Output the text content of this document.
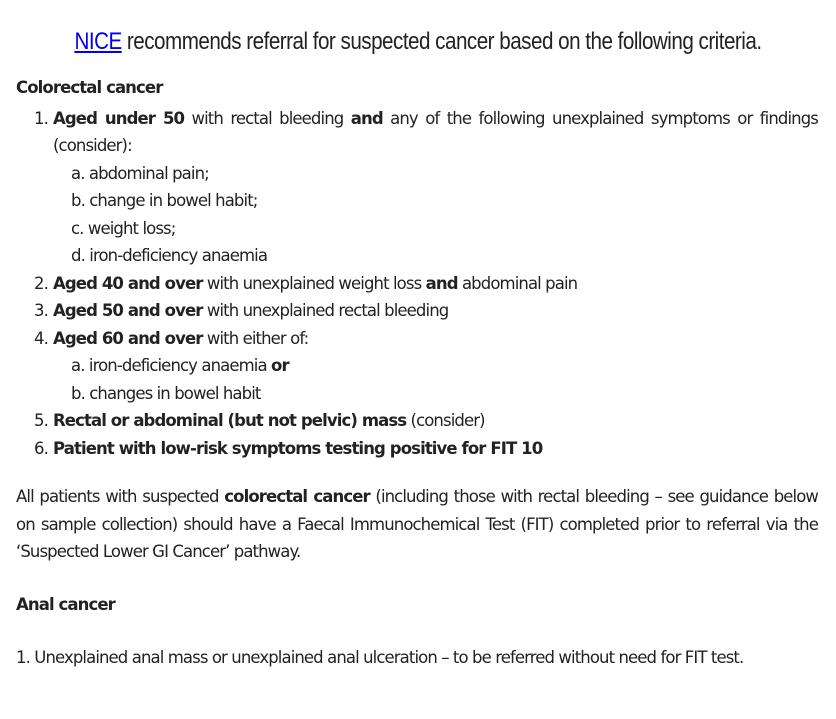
NICE recommends referral for suspected cancer based on the following criteria.

Colorectal cancer

1. Aged under 50 with rectal bleeding and any of the following unexplained symptoms or findings (consider):
a. abdominal pain;
b. change in bowel habit;
c. weight loss;
d. iron-deficiency anaemia
2. Aged 40 and over with unexplained weight loss and abdominal pain
3. Aged 50 and over with unexplained rectal bleeding
4. Aged 60 and over with either of:
a. iron-deficiency anaemia or
b. changes in bowel habit
5. Rectal or abdominal (but not pelvic) mass (consider)
6. Patient with low-risk symptoms testing positive for FIT 10

All patients with suspected colorectal cancer (including those with rectal bleeding – see guidance below on sample collection) should have a Faecal Immunochemical Test (FIT) completed prior to referral via the ‘Suspected Lower GI Cancer’ pathway.

Anal cancer

1. Unexplained anal mass or unexplained anal ulceration – to be referred without need for FIT test.
